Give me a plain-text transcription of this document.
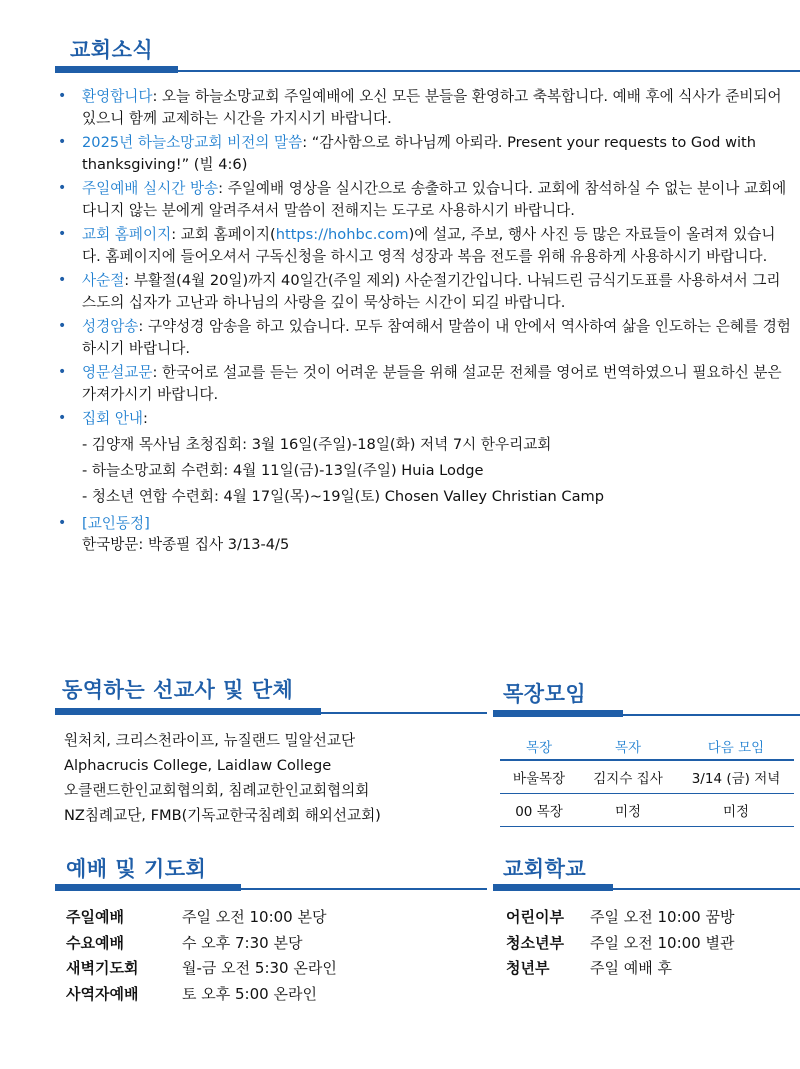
교회소식
• 환영합니다: 오늘 하늘소망교회 주일예배에 오신 모든 분들을 환영하고 축복합니다. 예배 후에 식사가 준비되어 있으니 함께 교제하는 시간을 가지시기 바랍니다.
• 2025년 하늘소망교회 비전의 말씀: “감사함으로 하나님께 아뢰라. Present your requests to God with thanksgiving!” (빌 4:6)
• 주일예배 실시간 방송: 주일예배 영상을 실시간으로 송출하고 있습니다. 교회에 참석하실 수 없는 분이나 교회에 다니지 않는 분에게 알려주셔서 말씀이 전해지는 도구로 사용하시기 바랍니다.
• 교회 홈페이지: 교회 홈페이지(https://hohbc.com)에 설교, 주보, 행사 사진 등 많은 자료들이 올려져 있습니다. 홈페이지에 들어오셔서 구독신청을 하시고 영적 성장과 복음 전도를 위해 유용하게 사용하시기 바랍니다.
• 사순절: 부활절(4월 20일)까지 40일간(주일 제외) 사순절기간입니다. 나눠드린 금식기도표를 사용하셔서 그리스도의 십자가 고난과 하나님의 사랑을 깊이 묵상하는 시간이 되길 바랍니다.
• 성경암송: 구약성경 암송을 하고 있습니다. 모두 참여해서 말씀이 내 안에서 역사하여 삶을 인도하는 은혜를 경험하시기 바랍니다.
• 영문설교문: 한국어로 설교를 듣는 것이 어려운 분들을 위해 설교문 전체를 영어로 번역하였으니 필요하신 분은 가져가시기 바랍니다.
• 집회 안내:
- 김양재 목사님 초청집회: 3월 16일(주일)-18일(화) 저녁 7시 한우리교회
- 하늘소망교회 수련회: 4월 11일(금)-13일(주일) Huia Lodge
- 청소년 연합 수련회: 4월 17일(목)~19일(토) Chosen Valley Christian Camp
• [교인동정]
한국방문: 박종필 집사 3/13-4/5
동역하는 선교사 및 단체
원처치, 크리스천라이프, 뉴질랜드 밀알선교단
Alphacrucis College, Laidlaw College
오클랜드한인교회협의회, 침례교한인교회협의회
NZ침례교단, FMB(기독교한국침례회 해외선교회)
목장모임
목장	목자	다음 모임
바울목장	김지수 집사	3/14 (금) 저녁
00 목장	미정	미정
예배 및 기도회
주일예배	주일 오전 10:00 본당
수요예배	수 오후 7:30 본당
새벽기도회	월-금 오전 5:30 온라인
사역자예배	토 오후 5:00 온라인
교회학교
어린이부	주일 오전 10:00 꿈방
청소년부	주일 오전 10:00 별관
청년부	주일 예배 후
